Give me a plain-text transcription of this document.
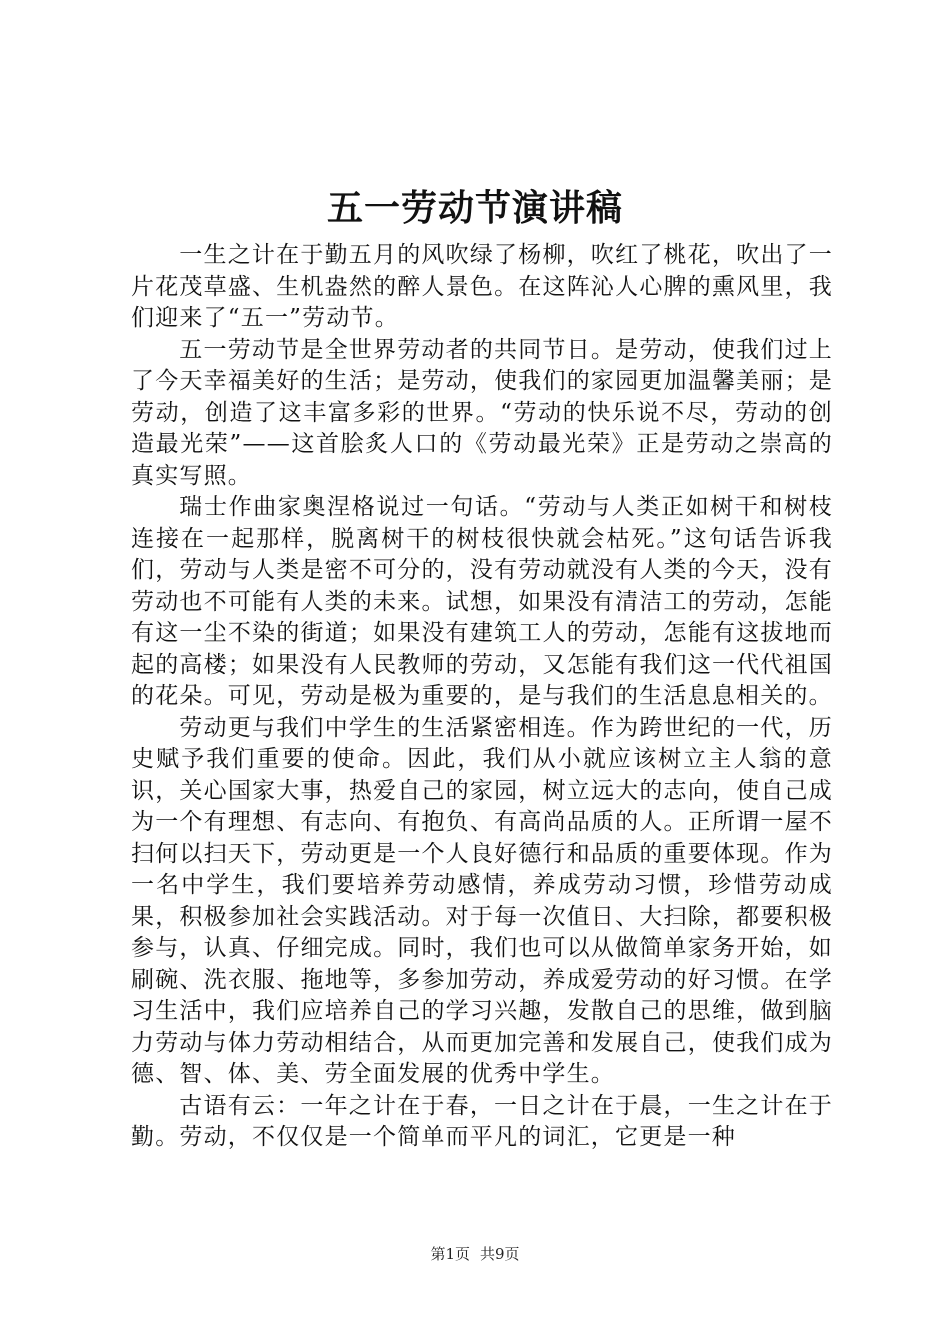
五一劳动节演讲稿

一生之计在于勤五月的风吹绿了杨柳，吹红了桃花，吹出了一片花茂草盛、生机盎然的醉人景色。在这阵沁人心脾的熏风里，我们迎来了“五一”劳动节。

五一劳动节是全世界劳动者的共同节日。是劳动，使我们过上了今天幸福美好的生活；是劳动，使我们的家园更加温馨美丽；是劳动，创造了这丰富多彩的世界。“劳动的快乐说不尽，劳动的创造最光荣”——这首脍炙人口的《劳动最光荣》正是劳动之崇高的真实写照。

瑞士作曲家奥涅格说过一句话。“劳动与人类正如树干和树枝连接在一起那样，脱离树干的树枝很快就会枯死。”这句话告诉我们，劳动与人类是密不可分的，没有劳动就没有人类的今天，没有劳动也不可能有人类的未来。试想，如果没有清洁工的劳动，怎能有这一尘不染的街道；如果没有建筑工人的劳动，怎能有这拔地而起的高楼；如果没有人民教师的劳动，又怎能有我们这一代代祖国的花朵。可见，劳动是极为重要的，是与我们的生活息息相关的。

劳动更与我们中学生的生活紧密相连。作为跨世纪的一代，历史赋予我们重要的使命。因此，我们从小就应该树立主人翁的意识，关心国家大事，热爱自己的家园，树立远大的志向，使自己成为一个有理想、有志向、有抱负、有高尚品质的人。正所谓一屋不扫何以扫天下，劳动更是一个人良好德行和品质的重要体现。作为一名中学生，我们要培养劳动感情，养成劳动习惯，珍惜劳动成果，积极参加社会实践活动。对于每一次值日、大扫除，都要积极参与，认真、仔细完成。同时，我们也可以从做简单家务开始，如刷碗、洗衣服、拖地等，多参加劳动，养成爱劳动的好习惯。在学习生活中，我们应培养自己的学习兴趣，发散自己的思维，做到脑力劳动与体力劳动相结合，从而更加完善和发展自己，使我们成为德、智、体、美、劳全面发展的优秀中学生。

古语有云：一年之计在于春，一日之计在于晨，一生之计在于勤。劳动，不仅仅是一个简单而平凡的词汇，它更是一种

第1页 共9页
